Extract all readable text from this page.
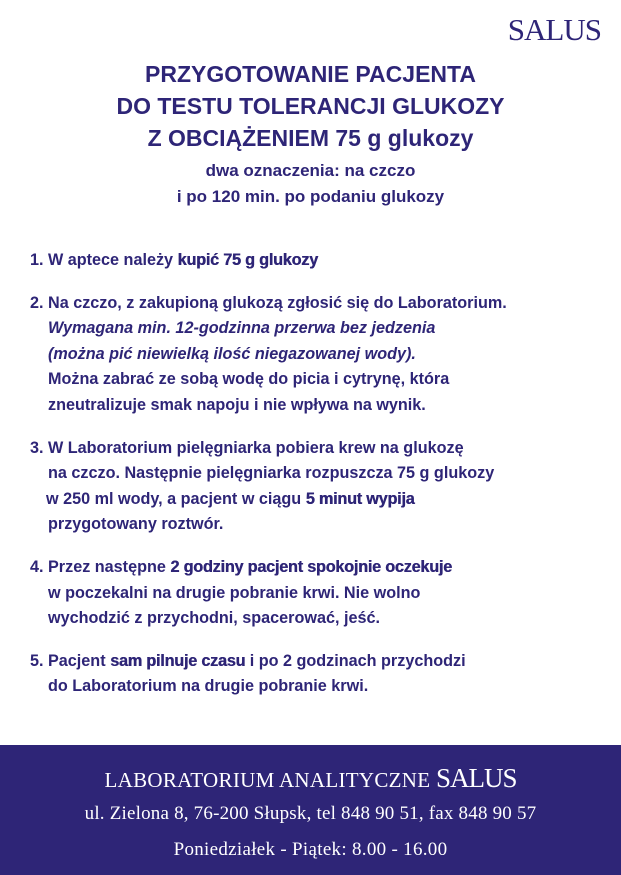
SALUS
PRZYGOTOWANIE PACJENTA
DO TESTU TOLERANCJI GLUKOZY
Z OBCIĄŻENIEM 75 g glukozy
dwa oznaczenia: na czczo
i po 120 min. po podaniu glukozy
1. W aptece należy kupić 75 g glukozy
2. Na czczo, z zakupioną glukozą zgłosić się do Laboratorium.
Wymagana min. 12-godzinna przerwa bez jedzenia
(można pić niewielką ilość niegazowanej wody).
Można zabrać ze sobą wodę do picia i cytrynę, która
zneutralizuje smak napoju i nie wpływa na wynik.
3. W Laboratorium pielęgniarka pobiera krew na glukozę
na czczo. Następnie pielęgniarka rozpuszcza 75 g glukozy
w 250 ml wody, a pacjent w ciągu 5 minut wypija
przygotowany roztwór.
4. Przez następne 2 godziny pacjent spokojnie oczekuje
w poczekalni na drugie pobranie krwi. Nie wolno
wychodzić z przychodni, spacerować, jeść.
5. Pacjent sam pilnuje czasu i po 2 godzinach przychodzi
do Laboratorium na drugie pobranie krwi.
LABORATORIUM ANALITYCZNE SALUS
ul. Zielona 8, 76-200 Słupsk, tel 848 90 51, fax 848 90 57
Poniedziałek - Piątek: 8.00 - 16.00
